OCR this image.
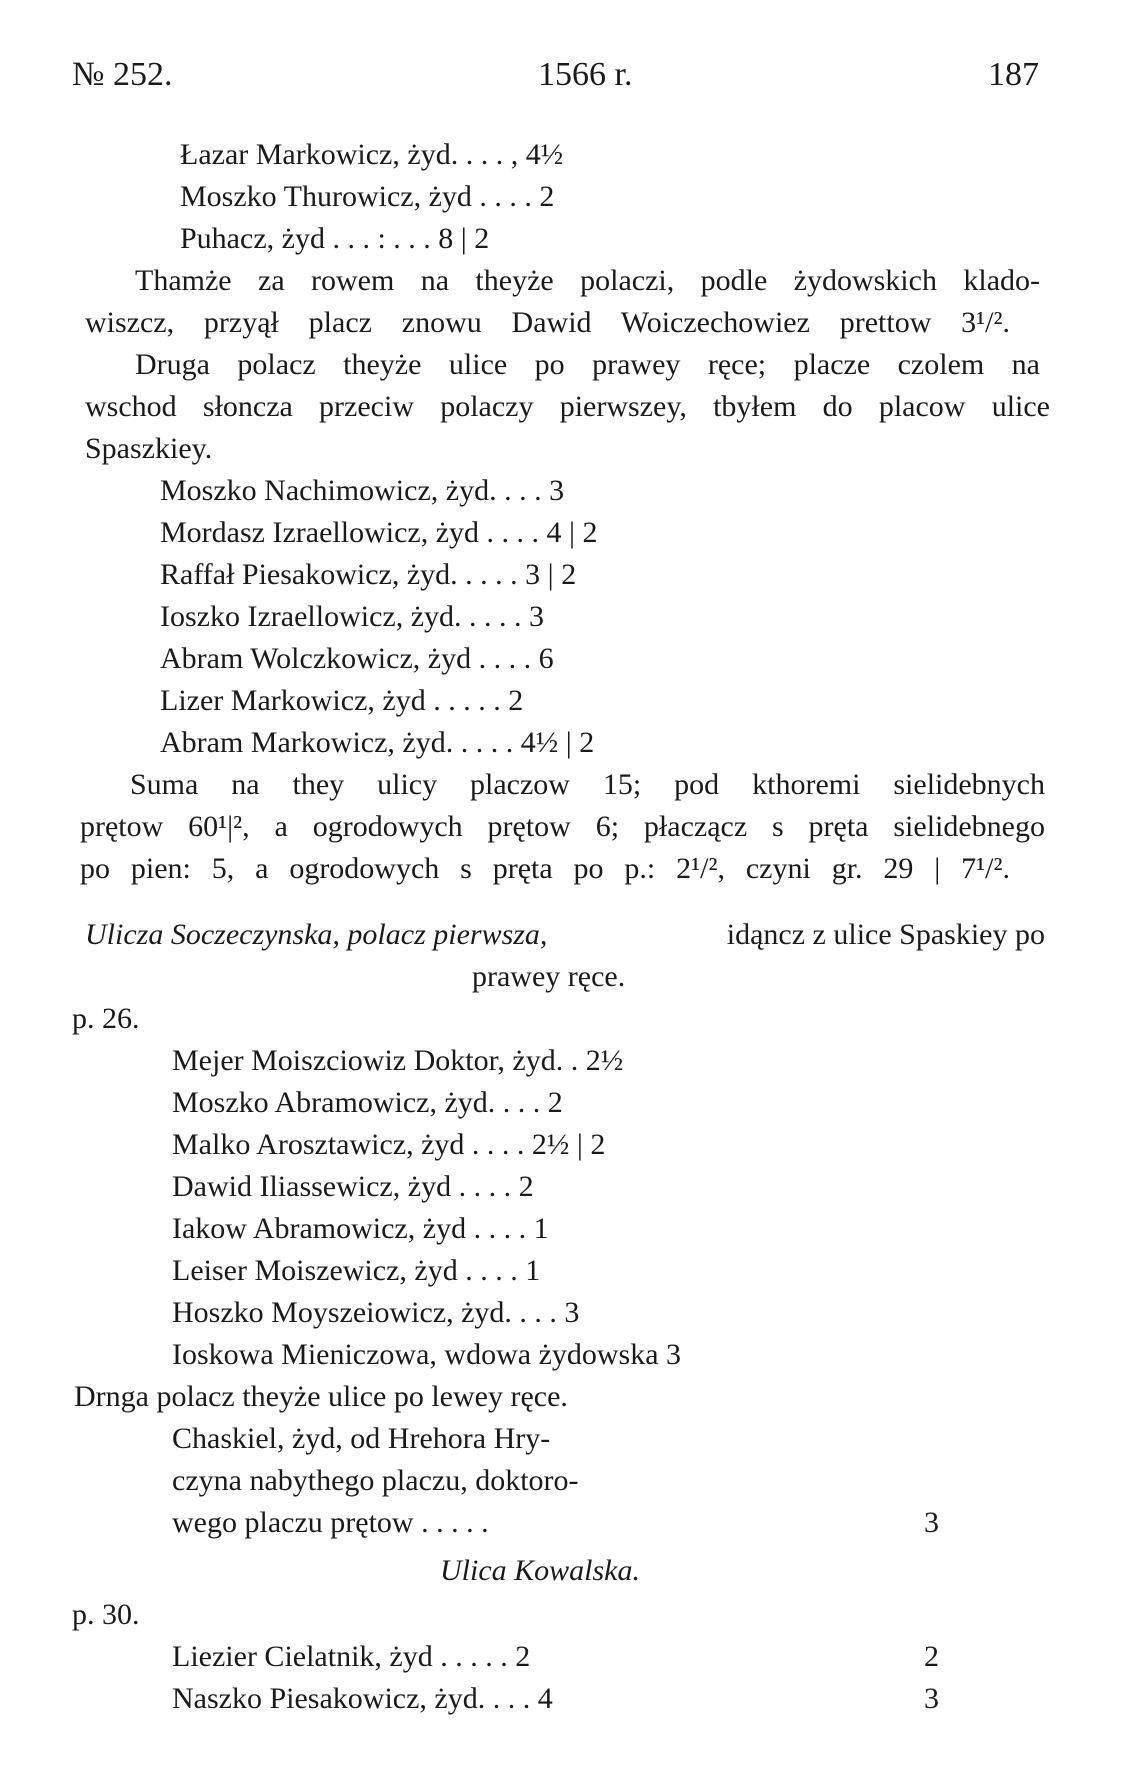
№ 252.	1566 r.	187
Łazar Markowicz, żyd. . . . , 4½
Moszko Thurowicz, żyd . . . . 2
Puhacz, żyd . . . : . . . 8 | 2
Thamże za rowem na theyże polaczi, podle żydowskich klado-
wiszcz, przyął placz znowu Dawid Woiczechowiez prettow 3¹/².
Druga polacz theyże ulice po prawey ręce; placze czolem na
wschod słoncza przeciw polaczy pierwszey, tbyłem do placow ulice
Spaszkiey.
Moszko Nachimowicz, żyd. . . . 3
Mordasz Izraellowicz, żyd . . . . 4 | 2
Raffał Piesakowicz, żyd. . . . . 3 | 2
Ioszko Izraellowicz, żyd. . . . . 3
Abram Wolczkowicz, żyd . . . . 6
Lizer Markowicz, żyd . . . . . 2
Abram Markowicz, żyd. . . . . 4½ | 2
Suma na they ulicy placzow 15; pod kthoremi sielidebnych
prętow 60¹|², a ogrodowych prętow 6; płaczącz s pręta sielidebnego
po pien: 5, a ogrodowych s pręta po p.: 2¹/², czyni gr. 29 | 7¹/².
Ulicza Soczeczynska, polacz pierwsza,	idąncz z ulice Spaskiey po
prawey ręce.
p. 26.
Mejer Moiszciowiz Doktor, żyd. . 2½
Moszko Abramowicz, żyd. . . . 2
Malko Arosztawicz, żyd . . . . 2½ | 2
Dawid Iliassewicz, żyd . . . . 2
Iakow Abramowicz, żyd . . . . 1
Leiser Moiszewicz, żyd . . . . 1
Hoszko Moyszeiowicz, żyd. . . . 3
Ioskowa Mieniczowa, wdowa żydowska 3
Drnga polacz theyże ulice po lewey ręce.
Chaskiel, żyd, od Hrehora Hry-
czyna nabythego placzu, doktoro-
wego placzu prętow . . . . .	3
Ulica Kowalska.
p. 30.
Liezier Cielatnik, żyd . . . . . 2	2
Naszko Piesakowicz, żyd. . . . 4	3
